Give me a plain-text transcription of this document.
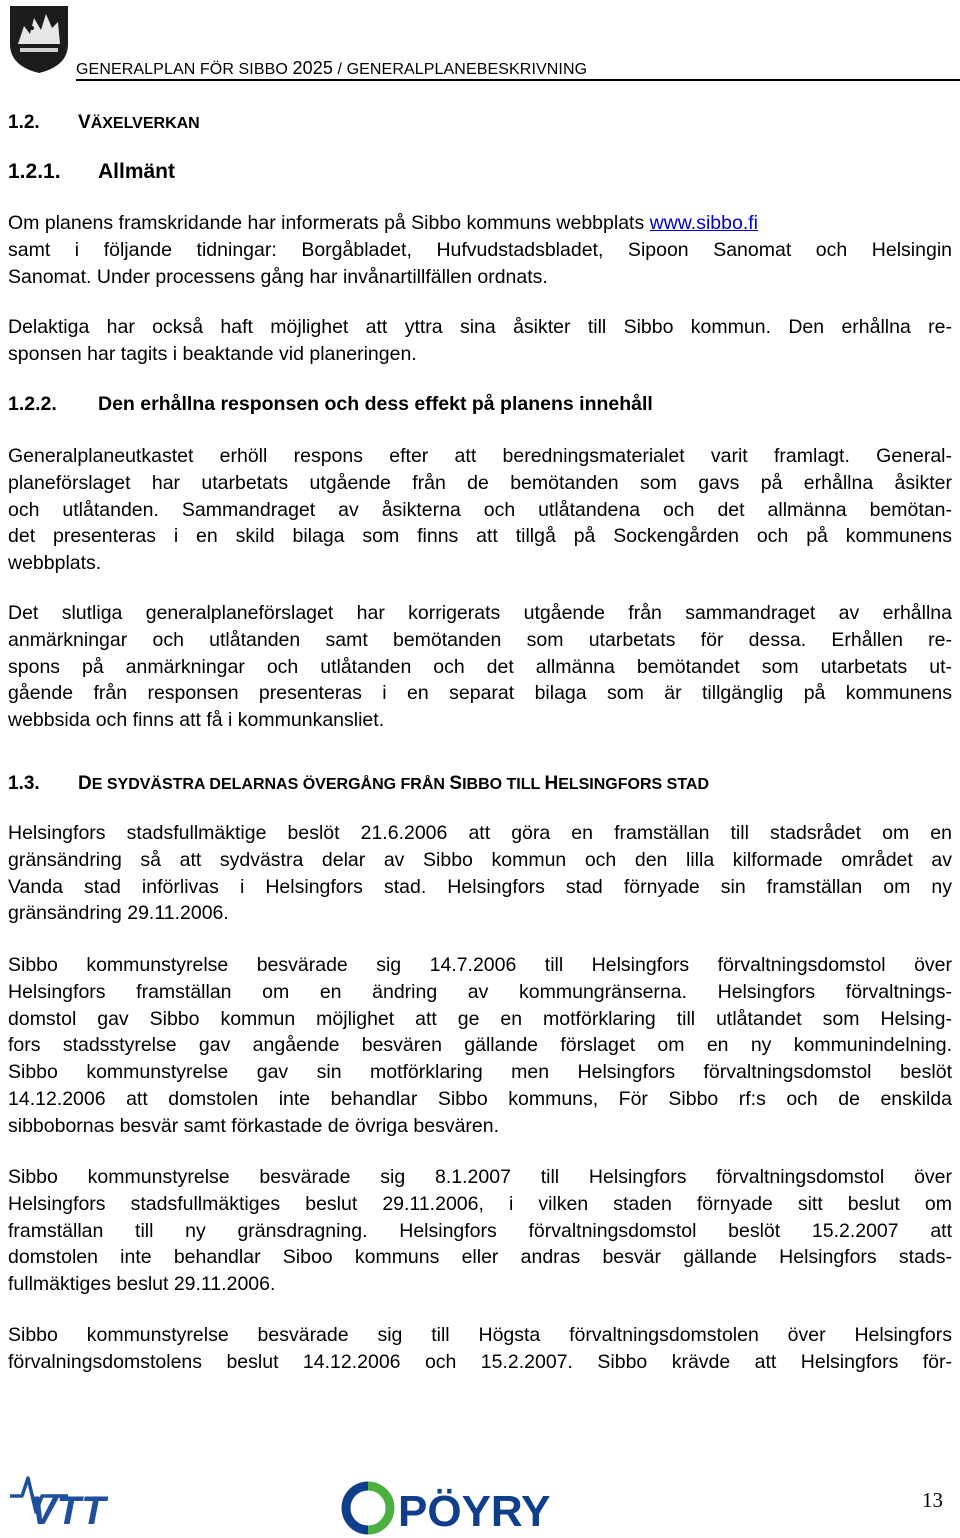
GENERALPLAN FÖR SIBBO 2025 / GENERALPLANEBESKRIVNING
1.2. VÄXELVERKAN
1.2.1. Allmänt
Om planens framskridande har informerats på Sibbo kommuns webbplats www.sibbo.fi
samt i följande tidningar: Borgåbladet, Hufvudstadsbladet, Sipoon Sanomat och Helsingin
Sanomat. Under processens gång har invånartillfällen ordnats.
Delaktiga har också haft möjlighet att yttra sina åsikter till Sibbo kommun. Den erhållna re-
sponsen har tagits i beaktande vid planeringen.
1.2.2. Den erhållna responsen och dess effekt på planens innehåll
Generalplaneutkastet erhöll respons efter att beredningsmaterialet varit framlagt. General-
planeförslaget har utarbetats utgående från de bemötanden som gavs på erhållna åsikter
och utlåtanden. Sammandraget av åsikterna och utlåtandena och det allmänna bemötan-
det presenteras i en skild bilaga som finns att tillgå på Sockengården och på kommunens
webbplats.
Det slutliga generalplaneförslaget har korrigerats utgående från sammandraget av erhållna
anmärkningar och utlåtanden samt bemötanden som utarbetats för dessa. Erhållen re-
spons på anmärkningar och utlåtanden och det allmänna bemötandet som utarbetats ut-
gående från responsen presenteras i en separat bilaga som är tillgänglig på kommunens
webbsida och finns att få i kommunkansliet.
1.3. DE SYDVÄSTRA DELARNAS ÖVERGÅNG FRÅN SIBBO TILL HELSINGFORS STAD
Helsingfors stadsfullmäktige beslöt 21.6.2006 att göra en framställan till stadsrådet om en
gränsändring så att sydvästra delar av Sibbo kommun och den lilla kilformade området av
Vanda stad införlivas i Helsingfors stad. Helsingfors stad förnyade sin framställan om ny
gränsändring 29.11.2006.
Sibbo kommunstyrelse besvärade sig 14.7.2006 till Helsingfors förvaltningsdomstol över
Helsingfors framställan om en ändring av kommungränserna. Helsingfors förvaltnings-
domstol gav Sibbo kommun möjlighet att ge en motförklaring till utlåtandet som Helsing-
fors stadsstyrelse gav angående besvären gällande förslaget om en ny kommunindelning.
Sibbo kommunstyrelse gav sin motförklaring men Helsingfors förvaltningsdomstol beslöt
14.12.2006 att domstolen inte behandlar Sibbo kommuns, För Sibbo rf:s och de enskilda
sibbobornas besvär samt förkastade de övriga besvären.
Sibbo kommunstyrelse besvärade sig 8.1.2007 till Helsingfors förvaltningsdomstol över
Helsingfors stadsfullmäktiges beslut 29.11.2006, i vilken staden förnyade sitt beslut om
framställan till ny gränsdragning. Helsingfors förvaltningsdomstol beslöt 15.2.2007 att
domstolen inte behandlar Siboo kommuns eller andras besvär gällande Helsingfors stads-
fullmäktiges beslut 29.11.2006.
Sibbo kommunstyrelse besvärade sig till Högsta förvaltningsdomstolen över Helsingfors
förvalningsdomstolens beslut 14.12.2006 och 15.2.2007. Sibbo krävde att Helsingfors för-
VTT	PÖYRY	13
